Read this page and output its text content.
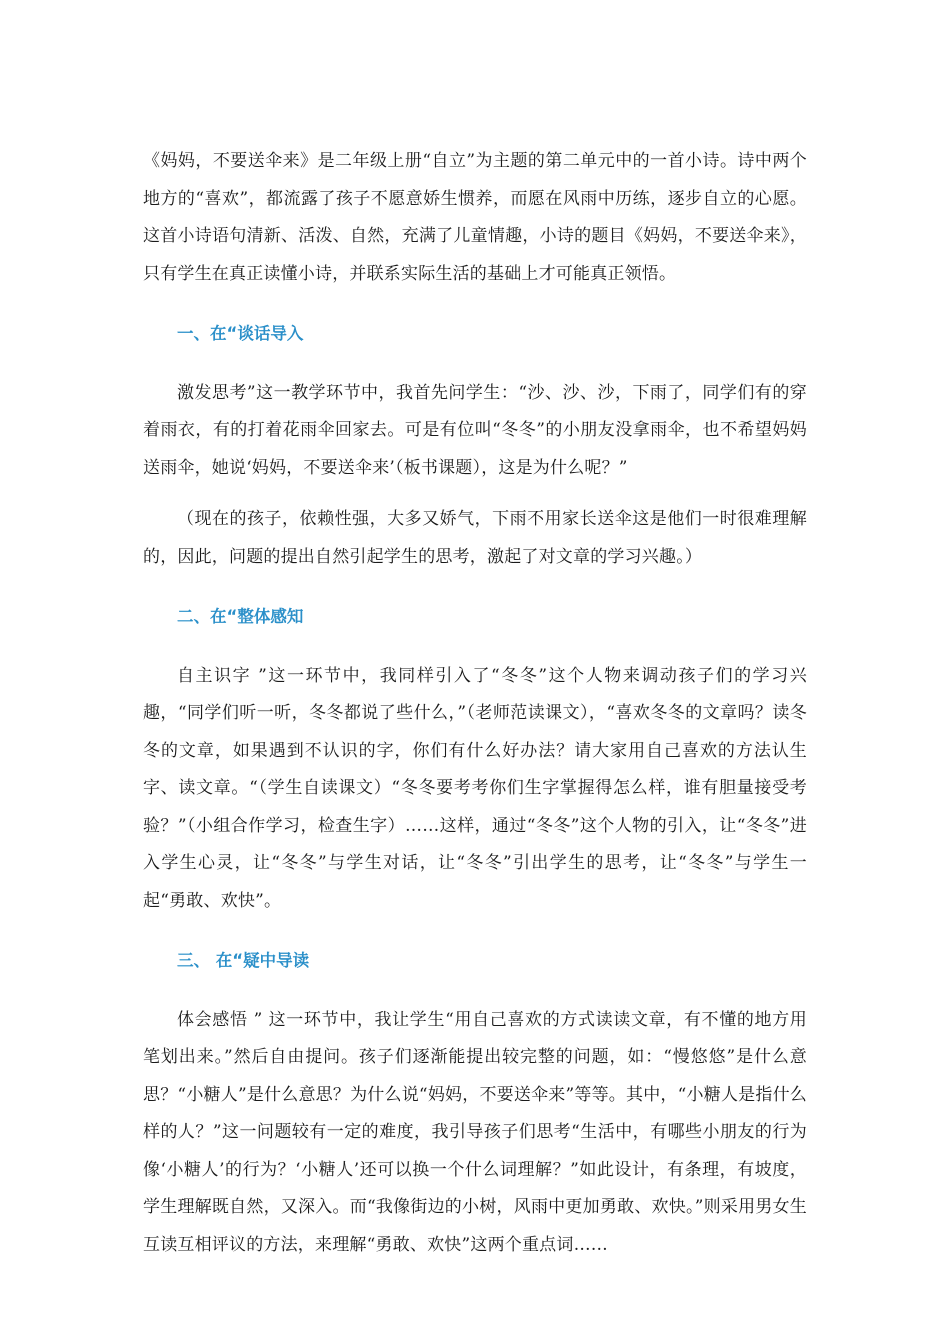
《妈妈，不要送伞来》是二年级上册“自立”为主题的第二单元中的一首小诗。诗中两个地方的“喜欢”，都流露了孩子不愿意娇生惯养，而愿在风雨中历练，逐步自立的心愿。这首小诗语句清新、活泼、自然，充满了儿童情趣，小诗的题目《妈妈，不要送伞来》，只有学生在真正读懂小诗，并联系实际生活的基础上才可能真正领悟。

一、在“谈话导入

激发思考”这一教学环节中，我首先问学生：“沙、沙、沙，下雨了，同学们有的穿着雨衣，有的打着花雨伞回家去。可是有位叫“冬冬”的小朋友没拿雨伞，也不希望妈妈送雨伞，她说‘妈妈，不要送伞来’（板书课题），这是为什么呢？”

（现在的孩子，依赖性强，大多又娇气，下雨不用家长送伞这是他们一时很难理解的，因此，问题的提出自然引起学生的思考，激起了对文章的学习兴趣。）

二、在“整体感知

自主识字 ”这一环节中，我同样引入了“冬冬”这个人物来调动孩子们的学习兴趣，“同学们听一听，冬冬都说了些什么，”（老师范读课文），“喜欢冬冬的文章吗？读冬冬的文章，如果遇到不认识的字，你们有什么好办法？请大家用自己喜欢的方法认生字、读文章。“（学生自读课文）“冬冬要考考你们生字掌握得怎么样，谁有胆量接受考验？”（小组合作学习，检查生字）……这样，通过“冬冬”这个人物的引入，让“冬冬”进入学生心灵，让“冬冬”与学生对话，让“冬冬”引出学生的思考，让“冬冬”与学生一起“勇敢、欢快”。

三、 在“疑中导读

体会感悟 ” 这一环节中，我让学生“用自己喜欢的方式读读文章，有不懂的地方用笔划出来。”然后自由提问。孩子们逐渐能提出较完整的问题，如：“慢悠悠”是什么意思？“小糖人”是什么意思？为什么说“妈妈，不要送伞来”等等。其中，“小糖人是指什么样的人？”这一问题较有一定的难度，我引导孩子们思考“生活中，有哪些小朋友的行为像‘小糖人’的行为？‘小糖人’还可以换一个什么词理解？”如此设计，有条理，有坡度，学生理解既自然，又深入。而“我像街边的小树，风雨中更加勇敢、欢快。”则采用男女生互读互相评议的方法，来理解“勇敢、欢快”这两个重点词……
